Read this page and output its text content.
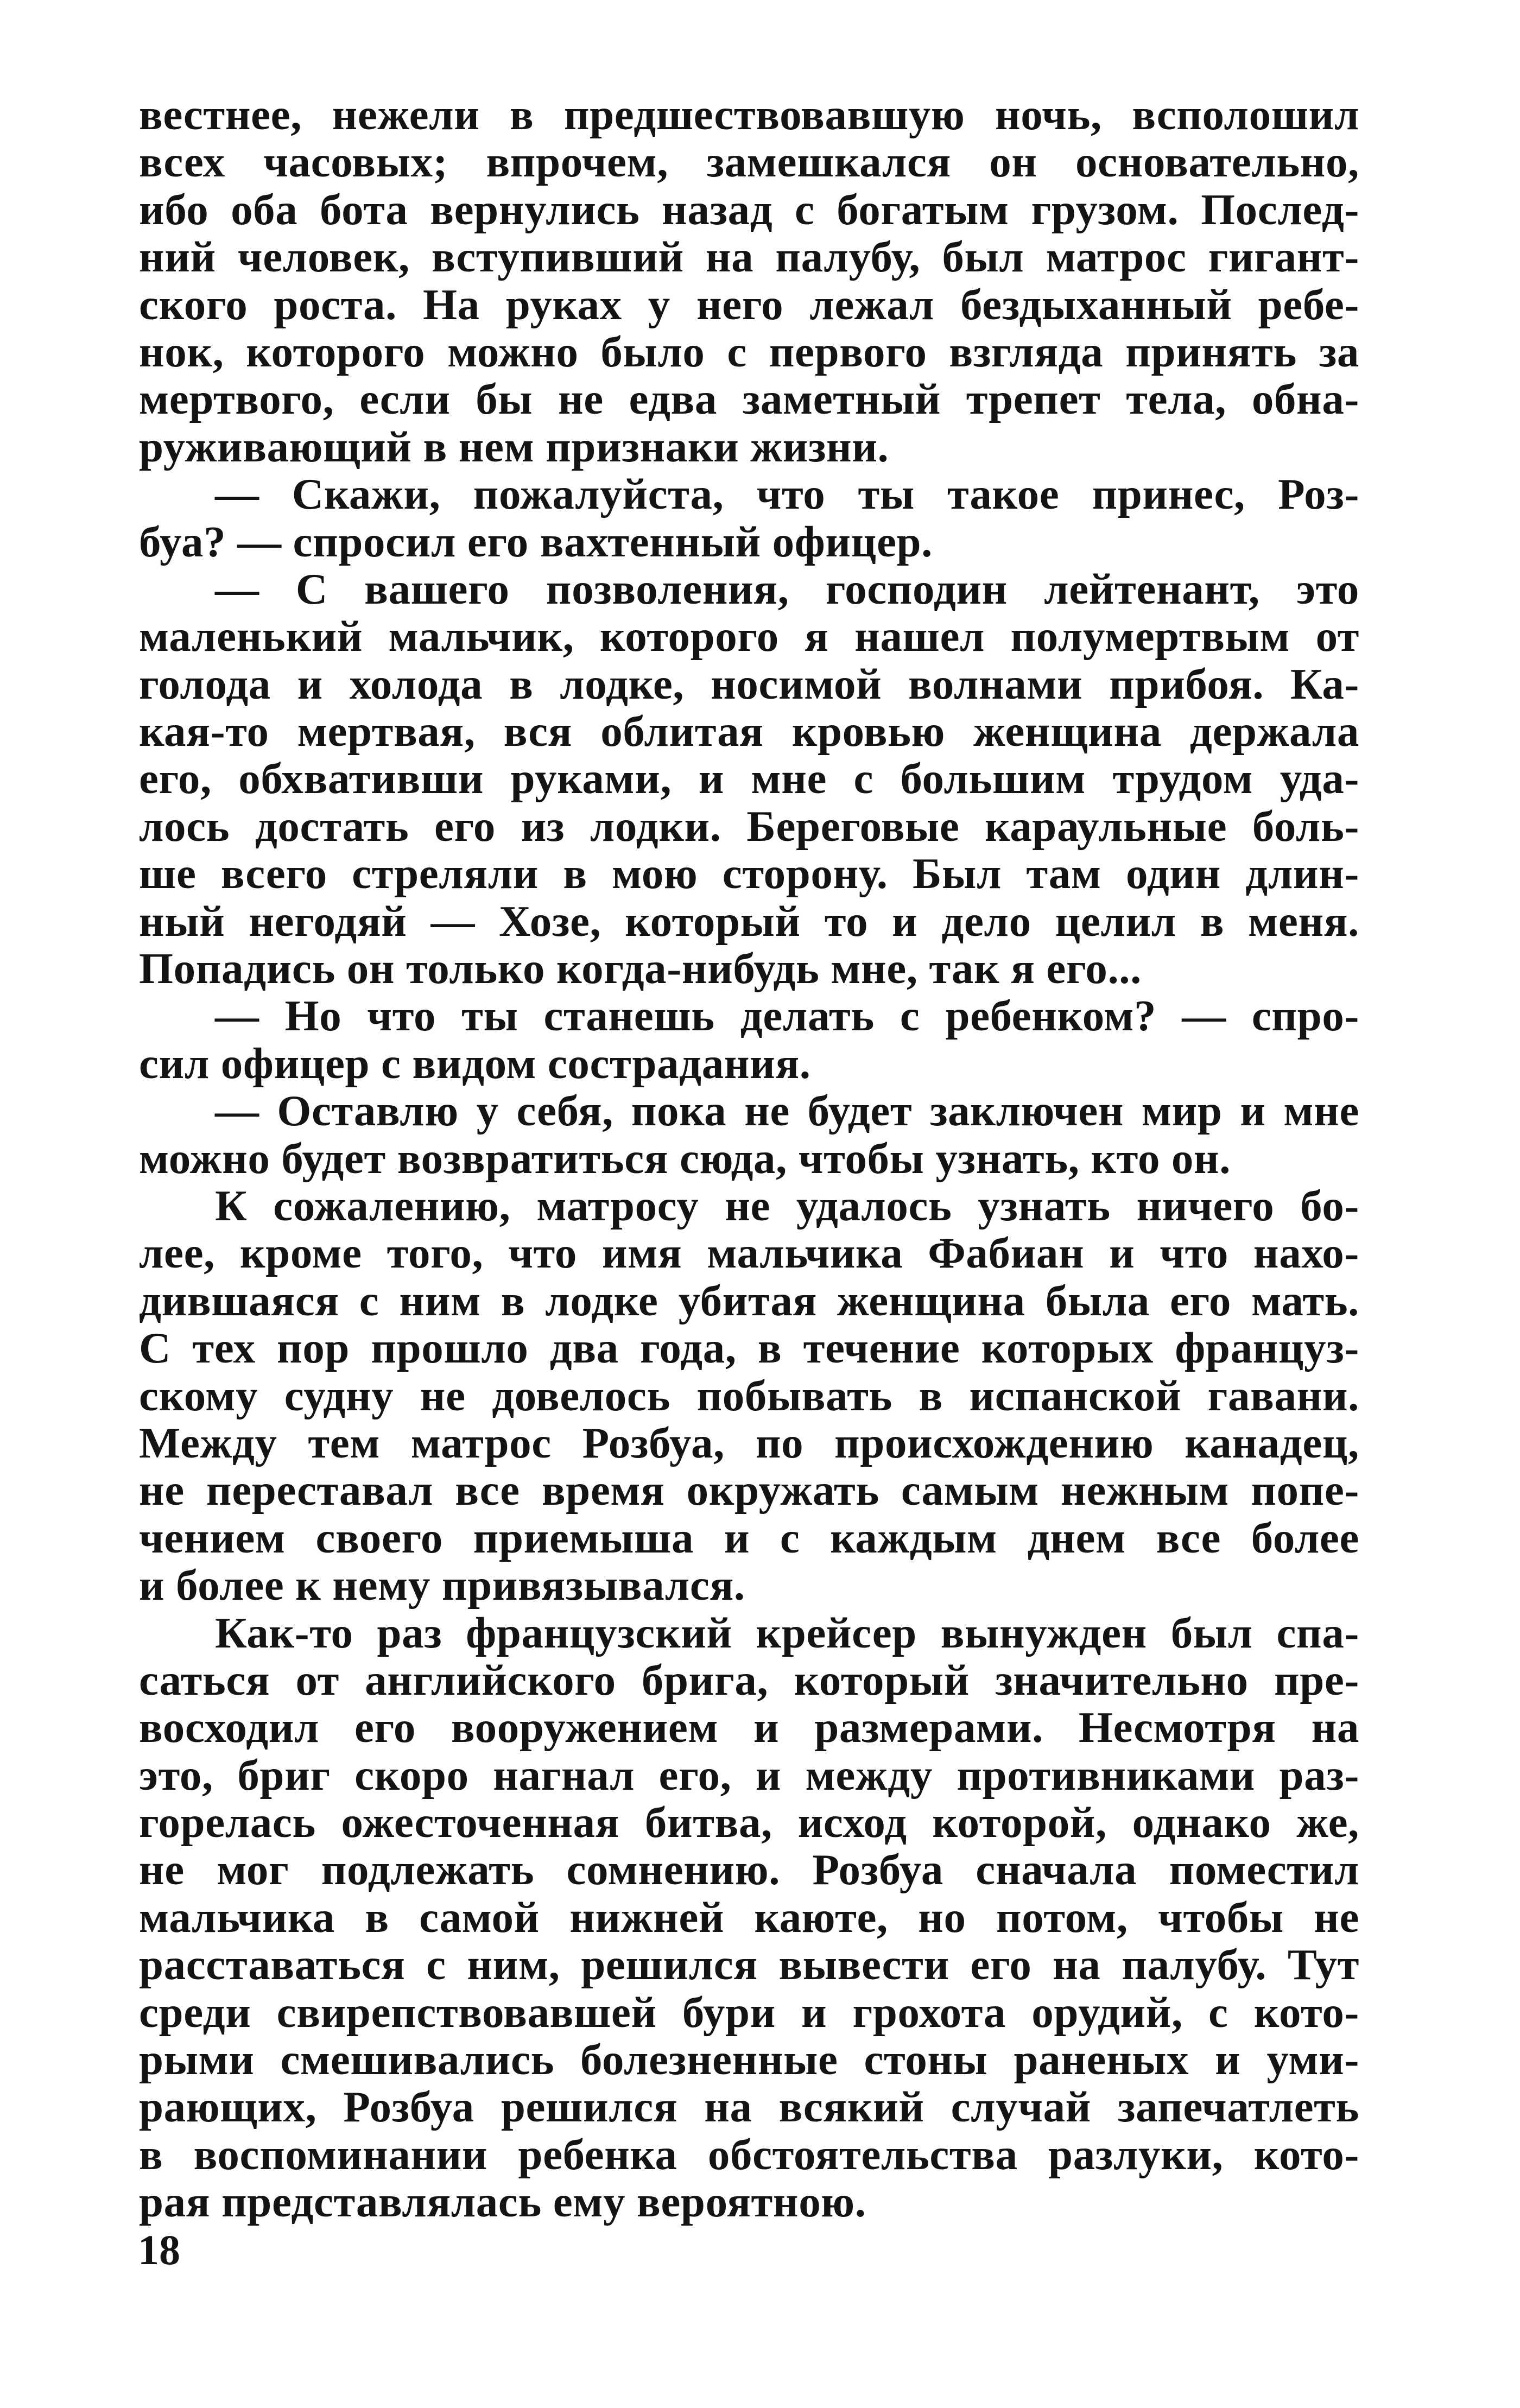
вестнее, нежели в предшествовавшую ночь, всполошил
всех часовых; впрочем, замешкался он основательно,
ибо оба бота вернулись назад с богатым грузом. Послед-
ний человек, вступивший на палубу, был матрос гигант-
ского роста. На руках у него лежал бездыханный ребе-
нок, которого можно было с первого взгляда принять за
мертвого, если бы не едва заметный трепет тела, обна-
руживающий в нем признаки жизни.
— Скажи, пожалуйста, что ты такое принес, Роз-
буа? — спросил его вахтенный офицер.
— С вашего позволения, господин лейтенант, это
маленький мальчик, которого я нашел полумертвым от
голода и холода в лодке, носимой волнами прибоя. Ка-
кая-то мертвая, вся облитая кровью женщина держала
его, обхвативши руками, и мне с большим трудом уда-
лось достать его из лодки. Береговые караульные боль-
ше всего стреляли в мою сторону. Был там один длин-
ный негодяй — Хозе, который то и дело целил в меня.
Попадись он только когда-нибудь мне, так я его...
— Но что ты станешь делать с ребенком? — спро-
сил офицер с видом сострадания.
— Оставлю у себя, пока не будет заключен мир и мне
можно будет возвратиться сюда, чтобы узнать, кто он.
К сожалению, матросу не удалось узнать ничего бо-
лее, кроме того, что имя мальчика Фабиан и что нахо-
дившаяся с ним в лодке убитая женщина была его мать.
С тех пор прошло два года, в течение которых француз-
скому судну не довелось побывать в испанской гавани.
Между тем матрос Розбуа, по происхождению канадец,
не переставал все время окружать самым нежным попе-
чением своего приемыша и с каждым днем все более
и более к нему привязывался.
Как-то раз французский крейсер вынужден был спа-
саться от английского брига, который значительно пре-
восходил его вооружением и размерами. Несмотря на
это, бриг скоро нагнал его, и между противниками раз-
горелась ожесточенная битва, исход которой, однако же,
не мог подлежать сомнению. Розбуа сначала поместил
мальчика в самой нижней каюте, но потом, чтобы не
расставаться с ним, решился вывести его на палубу. Тут
среди свирепствовавшей бури и грохота орудий, с кото-
рыми смешивались болезненные стоны раненых и уми-
рающих, Розбуа решился на всякий случай запечатлеть
в воспоминании ребенка обстоятельства разлуки, кото-
рая представлялась ему вероятною.
18
